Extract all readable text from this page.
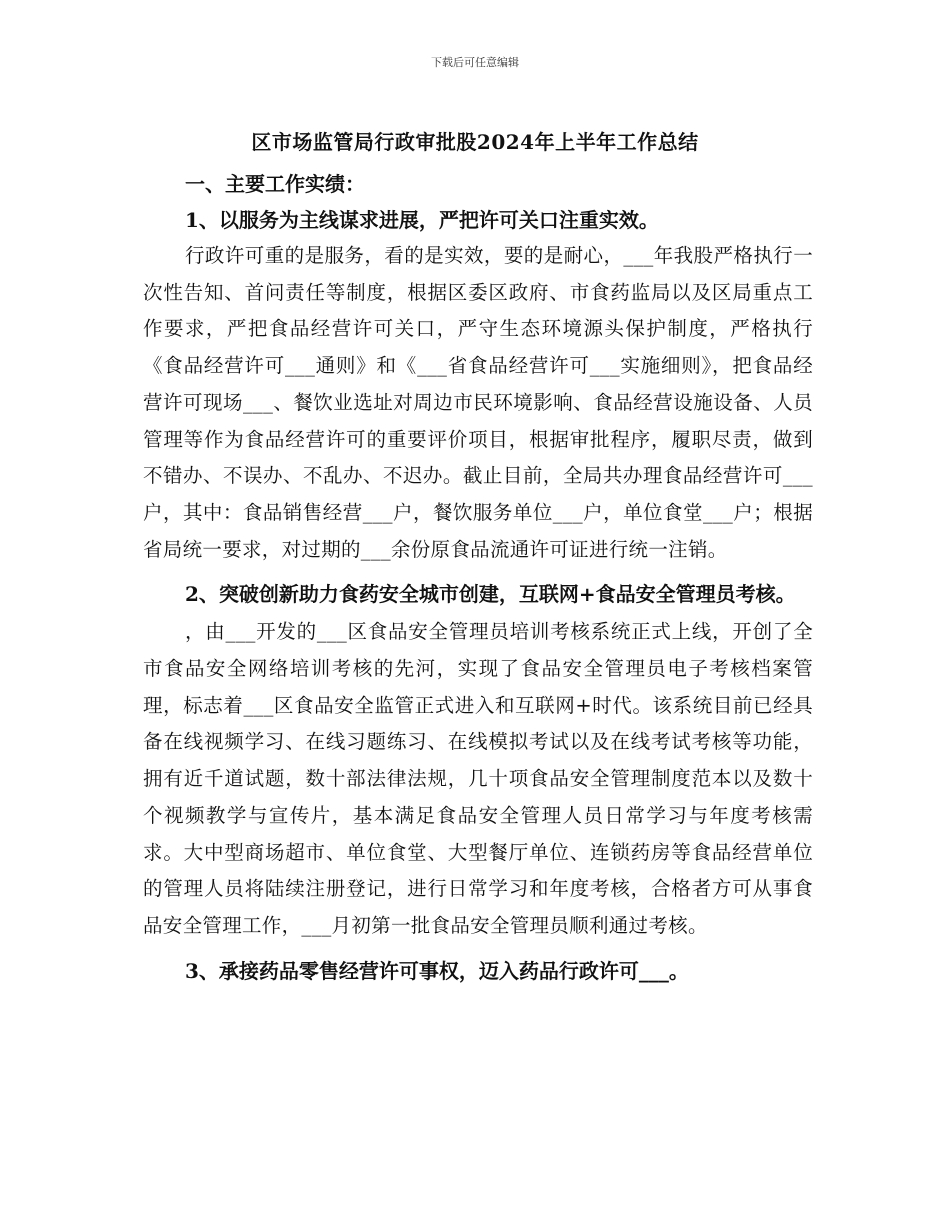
下载后可任意编辑
区市场监管局行政审批股2024年上半年工作总结

一、主要工作实绩：

1、以服务为主线谋求进展，严把许可关口注重实效。

行政许可重的是服务，看的是实效，要的是耐心，___年我股严格执行一次性告知、首问责任等制度，根据区委区政府、市食药监局以及区局重点工作要求，严把食品经营许可关口，严守生态环境源头保护制度，严格执行《食品经营许可___通则》和《___省食品经营许可___实施细则》，把食品经营许可现场___、餐饮业选址对周边市民环境影响、食品经营设施设备、人员管理等作为食品经营许可的重要评价项目，根据审批程序，履职尽责，做到不错办、不误办、不乱办、不迟办。截止目前，全局共办理食品经营许可___户，其中：食品销售经营___户，餐饮服务单位___户，单位食堂___户；根据省局统一要求，对过期的___余份原食品流通许可证进行统一注销。

2、突破创新助力食药安全城市创建，互联网+食品安全管理员考核。

，由___开发的___区食品安全管理员培训考核系统正式上线，开创了全市食品安全网络培训考核的先河，实现了食品安全管理员电子考核档案管理，标志着___区食品安全监管正式进入和互联网+时代。该系统目前已经具备在线视频学习、在线习题练习、在线模拟考试以及在线考试考核等功能，拥有近千道试题，数十部法律法规，几十项食品安全管理制度范本以及数十个视频教学与宣传片，基本满足食品安全管理人员日常学习与年度考核需求。大中型商场超市、单位食堂、大型餐厅单位、连锁药房等食品经营单位的管理人员将陆续注册登记，进行日常学习和年度考核，合格者方可从事食品安全管理工作，___月初第一批食品安全管理员顺利通过考核。

3、承接药品零售经营许可事权，迈入药品行政许可___。
